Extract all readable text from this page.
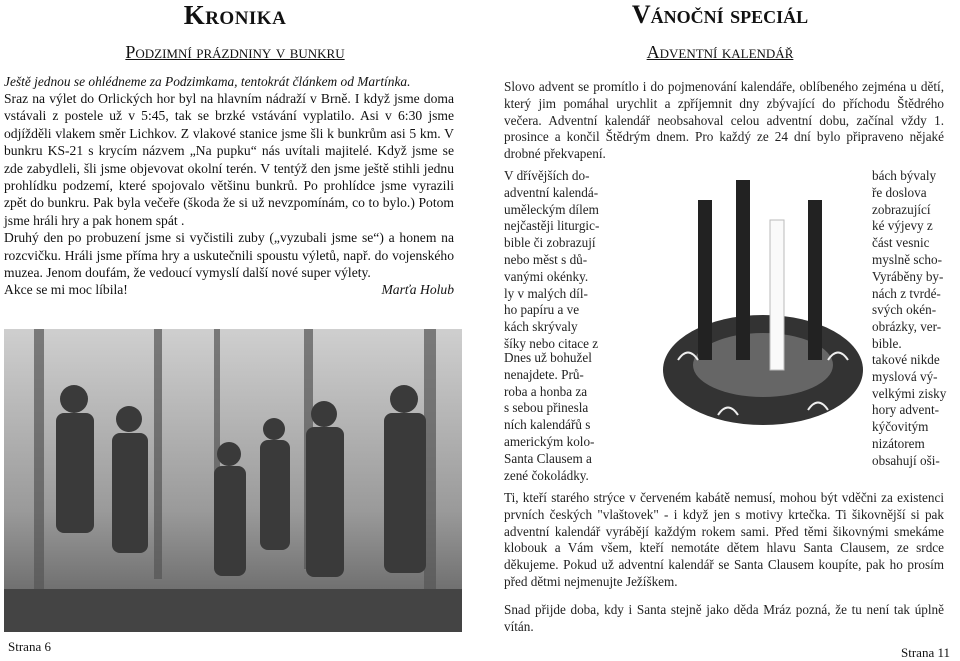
Kronika
Podzimní prázdniny v bunkru
Ještě jednou se ohlédneme za Podzimkama, tentokrát článkem od Martínka.

Sraz na výlet do Orlických hor byl na hlavním nádraží v Brně. I když jsme doma vstávali z postele už v 5:45, tak se brzké vstávání vyplatilo. Asi v 6:30 jsme odjížděli vlakem směr Lichkov. Z vlakové stanice jsme šli k bunkrům asi 5 km. V bunkru KS-21 s krycím názvem „Na pupku“ nás uvítali majitelé. Když jsme se zde zabydleli, šli jsme objevovat okolní terén. V tentýž den jsme ještě stihli jednu prohlídku podzemí, které spojovalo většinu bunkrů. Po prohlídce jsme vyrazili zpět do bunkru. Pak byla večeře (škoda že si už nevzpomínám, co to bylo.) Potom jsme hráli hry a pak honem spát .

Druhý den po probuzení jsme si vyčistili zuby („vyzubali jsme se“) a honem na rozcvičku. Hráli jsme příma hry a uskutečnili spoustu výletů, např. do vojenského muzea. Jenom doufám, že vedoucí vymyslí další nové super výlety.

Akce se mi moc líbila!	Marťa Holub
Strana 6
Vánoční speciál
Adventní kalendář

Slovo advent se promítlo i do pojmenování kalendáře, oblíbeného zejména u dětí, který jim pomáhal urychlit a zpříjemnit dny zbývající do příchodu Štědrého večera. Adventní kalendář neobsahoval celou adventní dobu, začínal vždy 1. prosince a končil Štědrým dnem. Pro každý ze 24 dní bylo připraveno nějaké drobné překvapení.

V dřívějších do-
adventní kalendá-
uměleckým dílem
nejčastěji liturgic-
bible či zobrazují
nebo měst s dů-
vanými okénky.
ly v malých díl-
ho papíru a ve
kách skrývaly
šíky nebo citace z

bách bývaly
ře doslova
zobrazující
ké výjevy z
část vesnic
myslně scho-
Vyráběny by-
nách z tvrdé-
svých okén-
obrázky, ver-
bible.

Dnes už bohužel
nenajdete. Prů-
roba a honba za
s sebou přinesla
ních kalendářů s
americkým kolo-
Santa Clausem a
zené čokoládky.

takové nikde
myslová vý-
velkými zisky
hory advent-
kýčovitým
nizátorem
obsahují oši-

Ti, kteří starého strýce v červeném kabátě nemusí, mohou být vděčni za existenci prvních českých "vlaštovek" - i když jen s motivy krtečka. Ti šikovnější si pak adventní kalendář vyrábějí každým rokem sami. Před těmi šikovnými smekáme klobouk a Vám všem, kteří nemotáte dětem hlavu Santa Clausem, ze srdce děkujeme. Pokud už adventní kalendář se Santa Clausem koupíte, pak ho prosím před dětmi nejmenujte Ježíškem.

Snad přijde doba, kdy i Santa stejně jako děda Mráz pozná, že tu není tak úplně vítán.

Strana 11
